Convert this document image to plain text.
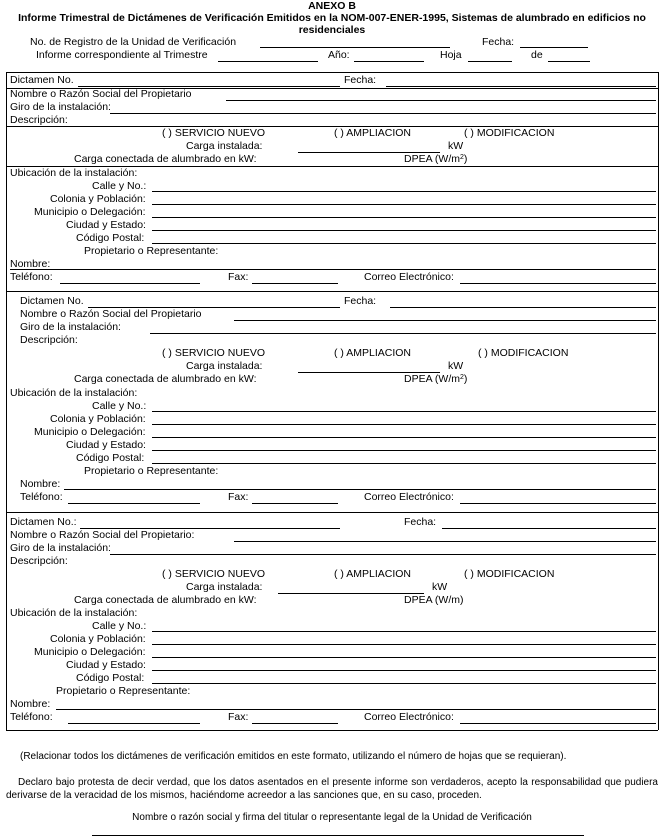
ANEXO B
Informe Trimestral de Dictámenes de Verificación Emitidos en la NOM-007-ENER-1995, Sistemas de alumbrado en edificios no
residenciales
No. de Registro de la Unidad de Verificación	Fecha:
Informe correspondiente al Trimestre	Año:	Hoja	de
Dictamen No.	Fecha:
Nombre o Razón Social del Propietario
Giro de la instalación:
Descripción:
( ) SERVICIO NUEVO	( ) AMPLIACION	( ) MODIFICACION
Carga instalada:	kW
Carga conectada de alumbrado en kW:	DPEA $(W/m^2)$
Ubicación de la instalación:
Calle y No.:
Colonia y Población:
Municipio o Delegación:
Ciudad y Estado:
Código Postal:
Propietario o Representante:
Nombre:
Teléfono:	Fax:	Correo Electrónico:
Dictamen No.	Fecha:
Nombre o Razón Social del Propietario
Giro de la instalación:
Descripción:
( ) SERVICIO NUEVO	( ) AMPLIACION	( ) MODIFICACION
Carga instalada:	kW
Carga conectada de alumbrado en kW:	DPEA $(W/m^2)$
Ubicación de la instalación:
Calle y No.:
Colonia y Población:
Municipio o Delegación:
Ciudad y Estado:
Código Postal:
Propietario o Representante:
Nombre:
Teléfono:	Fax:	Correo Electrónico:
Dictamen No.:	Fecha:
Nombre o Razón Social del Propietario:
Giro de la instalación:
Descripción:
( ) SERVICIO NUEVO	( ) AMPLIACION	( ) MODIFICACION
Carga instalada:	kW
Carga conectada de alumbrado en kW:	DPEA (W/m)
Ubicación de la instalación:
Calle y No.:
Colonia y Población:
Municipio o Delegación:
Ciudad y Estado:
Código Postal:
Propietario o Representante:
Nombre:
Teléfono:	Fax:	Correo Electrónico:
(Relacionar todos los dictámenes de verificación emitidos en este formato, utilizando el número de hojas que se requieran).
Declaro bajo protesta de decir verdad, que los datos asentados en el presente informe son verdaderos, acepto la responsabilidad que pudiera derivarse de la veracidad de los mismos, haciéndome acreedor a las sanciones que, en su caso, proceden.
Nombre o razón social y firma del titular o representante legal de la Unidad de Verificación
